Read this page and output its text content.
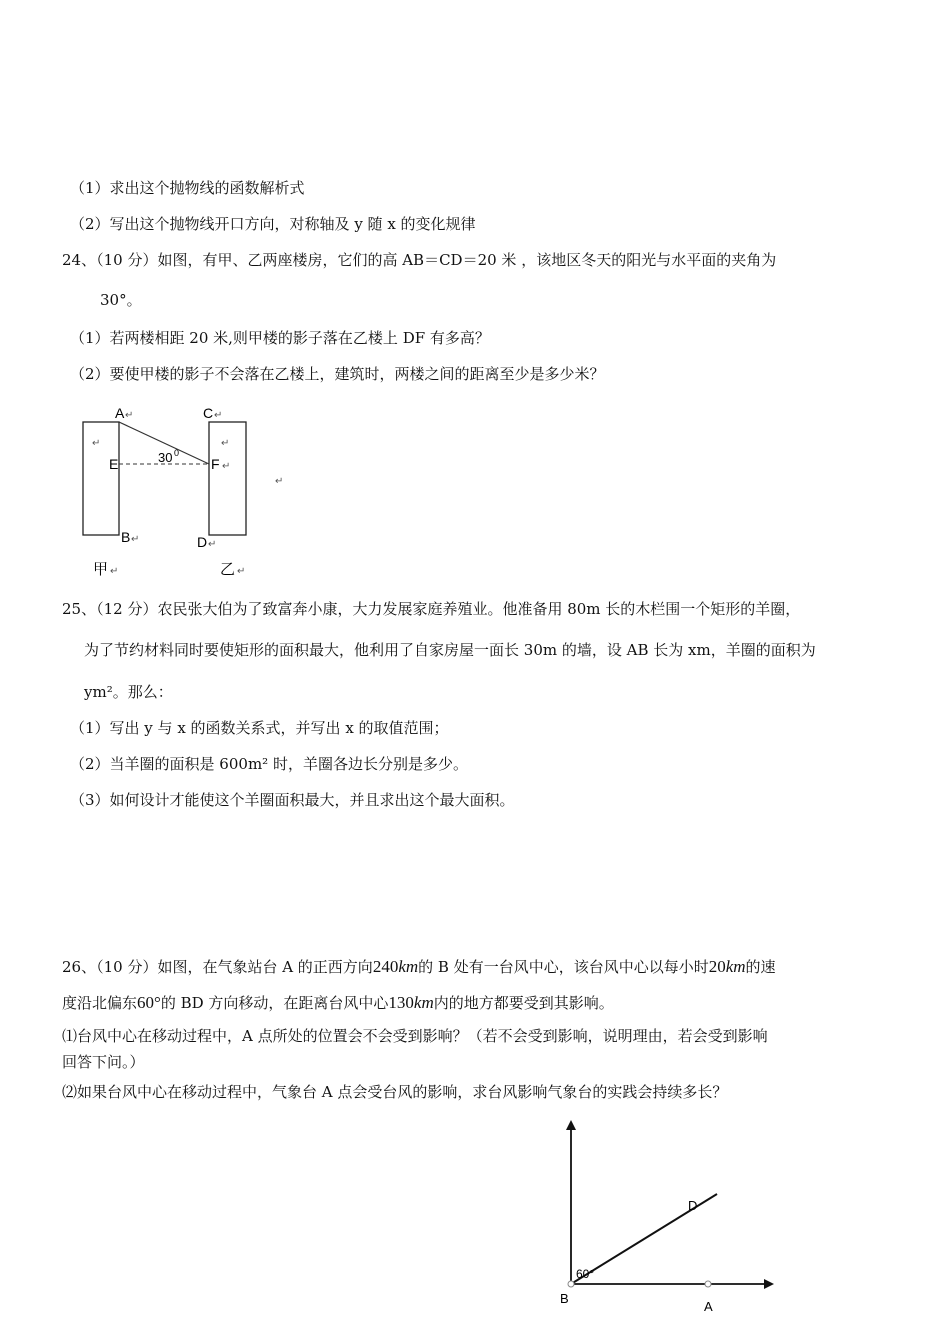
（1）求出这个抛物线的函数解析式
（2）写出这个抛物线开口方向，对称轴及 y 随 x 的变化规律
24、（10 分）如图，有甲、乙两座楼房，它们的高 AB＝CD＝20 米 ，该地区冬天的阳光与水平面的夹角为
30°。
（1）若两楼相距 20 米,则甲楼的影子落在乙楼上 DF 有多高？
（2）要使甲楼的影子不会落在乙楼上，建筑时，两楼之间的距离至少是多少米？
A ↵	C ↵
↵	↵
E	F ↵
30 0
↵
B ↵	D ↵
甲 ↵	乙 ↵
25、（12 分）农民张大伯为了致富奔小康，大力发展家庭养殖业。他准备用 80m 长的木栏围一个矩形的羊圈，
为了节约材料同时要使矩形的面积最大，他利用了自家房屋一面长 30m 的墙，设 AB 长为 xm，羊圈的面积为
ym²。那么：
（1）写出 y 与 x 的函数关系式，并写出 x 的取值范围；
（2）当羊圈的面积是 600m² 时，羊圈各边长分别是多少。
（3）如何设计才能使这个羊圈面积最大，并且求出这个最大面积。
26、（10 分）如图，在气象站台 A 的正西方向240km的 B 处有一台风中心，该台风中心以每小时20km的速
度沿北偏东60°的 BD 方向移动，在距离台风中心130km内的地方都要受到其影响。
⑴台风中心在移动过程中，A 点所处的位置会不会受到影响？（若不会受到影响，说明理由，若会受到影响
回答下问。）
⑵如果台风中心在移动过程中，气象台 A 点会受台风的影响，求台风影响气象台的实践会持续多长？
60°
D
B
A
